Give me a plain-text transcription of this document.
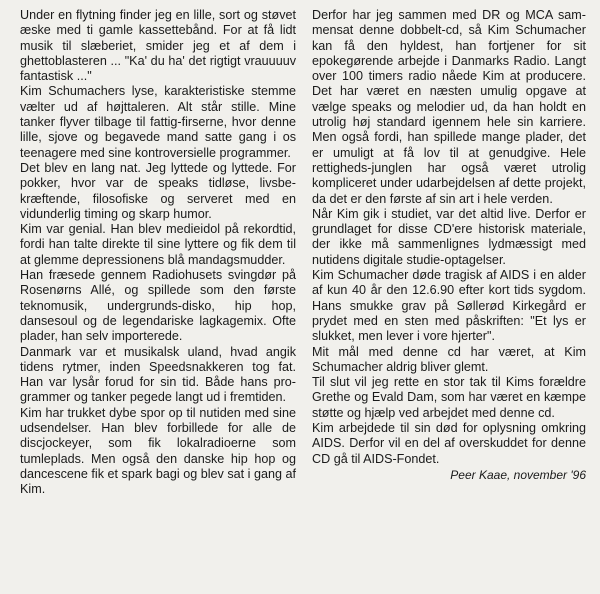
Under en flytning finder jeg en lille, sort og støvet æske med ti gamle kassettebånd. For at få lidt musik til slæberiet, smider jeg et af dem i ghettoblasteren ... "Ka' du ha' det rigtigt vrauuuuv fantastisk ..."

Kim Schumachers lyse, karakteristiske stemme vælter ud af højttaleren. Alt står stille. Mine tanker flyver tilbage til fattig-firserne, hvor denne lille, sjove og begavede mand satte gang i os teenagere med sine kontroversielle programmer.

Det blev en lang nat. Jeg lyttede og lyttede. For pokker, hvor var de speaks tidløse, livsbekræftende, filosofiske og serveret med en vidunderlig timing og skarp humor.

Kim var genial. Han blev medieidol på rekordtid, fordi han talte direkte til sine lyttere og fik dem til at glemme depressionens blå mandagsmudder.

Han fræsede gennem Radiohusets svingdør på Rosenørns Allé, og spillede som den første teknomusik, undergrunds-disko, hip hop, dansesoul og de legendariske lagkagemix. Ofte plader, han selv importerede.

Danmark var et musikalsk uland, hvad angik tidens rytmer, inden Speedsnakkeren tog fat. Han var lysår forud for sin tid. Både hans programmer og tanker pegede langt ud i fremtiden.

Kim har trukket dybe spor op til nutiden med sine udsendelser. Han blev forbillede for alle de discjockeyer, som fik lokalradioerne som tumleplads. Men også den danske hip hop og dancescene fik et spark bagi og blev sat i gang af Kim.

Derfor har jeg sammen med DR og MCA sammensat denne dobbelt-cd, så Kim Schumacher kan få den hyldest, han fortjener for sit epokegørende arbejde i Danmarks Radio. Langt over 100 timers radio nåede Kim at producere. Det har været en næsten umulig opgave at vælge speaks og melodier ud, da han holdt en utrolig høj standard igennem hele sin karriere. Men også fordi, han spillede mange plader, det er umuligt at få lov til at genudgive. Hele rettigheds-junglen har også været utrolig kompliceret under udarbejdelsen af dette projekt, da det er den første af sin art i hele verden.

Når Kim gik i studiet, var det altid live. Derfor er grundlaget for disse CD'ere historisk materiale, der ikke må sammenlignes lydmæssigt med nutidens digitale studie-optagelser.

Kim Schumacher døde tragisk af AIDS i en alder af kun 40 år den 12.6.90 efter kort tids sygdom. Hans smukke grav på Søllerød Kirkegård er prydet med en sten med påskriften: "Et lys er slukket, men lever i vore hjerter".

Mit mål med denne cd har været, at Kim Schumacher aldrig bliver glemt.

Til slut vil jeg rette en stor tak til Kims forældre Grethe og Evald Dam, som har været en kæmpe støtte og hjælp ved arbejdet med denne cd.

Kim arbejdede til sin død for oplysning omkring AIDS. Derfor vil en del af overskuddet for denne CD gå til AIDS-Fondet.

Peer Kaae, november '96
